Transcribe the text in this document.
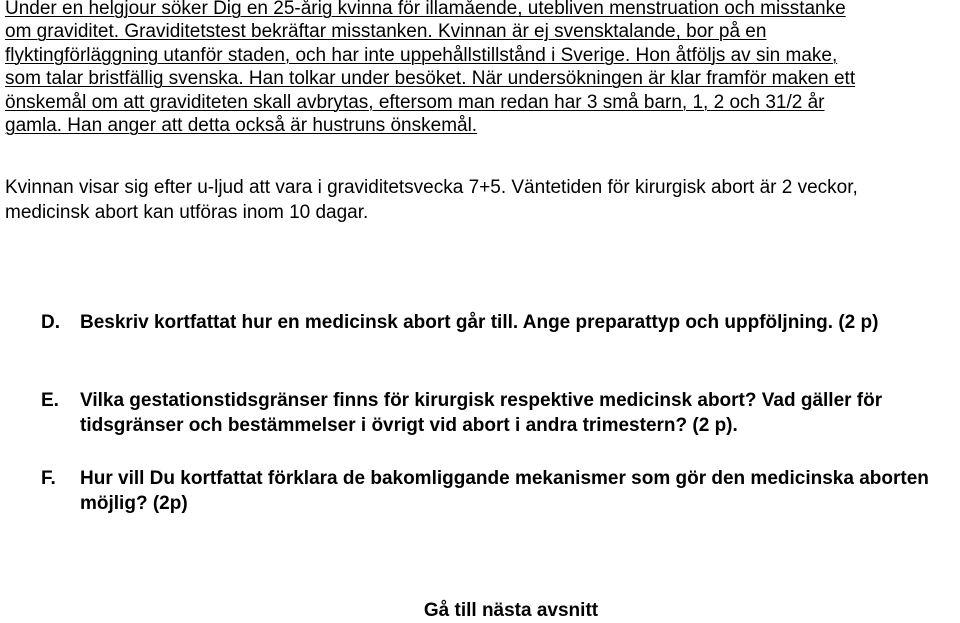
Under en helgjour söker Dig en 25-årig kvinna för illamående, utebliven menstruation och misstanke
om graviditet. Graviditetstest bekräftar misstanken. Kvinnan är ej svensktalande, bor på en
flyktingförläggning utanför staden, och har inte uppehållstillstånd i Sverige. Hon åtföljs av sin make,
som talar bristfällig svenska. Han tolkar under besöket. När undersökningen är klar framför maken ett
önskemål om att graviditeten skall avbrytas, eftersom man redan har 3 små barn, 1, 2 och 31/2 år
gamla. Han anger att detta också är hustruns önskemål.
Kvinnan visar sig efter u-ljud att vara i graviditetsvecka 7+5. Väntetiden för kirurgisk abort är 2 veckor,
medicinsk abort kan utföras inom 10 dagar.
D. Beskriv kortfattat hur en medicinsk abort går till. Ange preparattyp och uppföljning. (2 p)
E. Vilka gestationstidsgränser finns för kirurgisk respektive medicinsk abort? Vad gäller för tidsgränser och bestämmelser i övrigt vid abort i andra trimestern? (2 p).
F. Hur vill Du kortfattat förklara de bakomliggande mekanismer som gör den medicinska aborten möjlig? (2p)
Gå till nästa avsnitt
